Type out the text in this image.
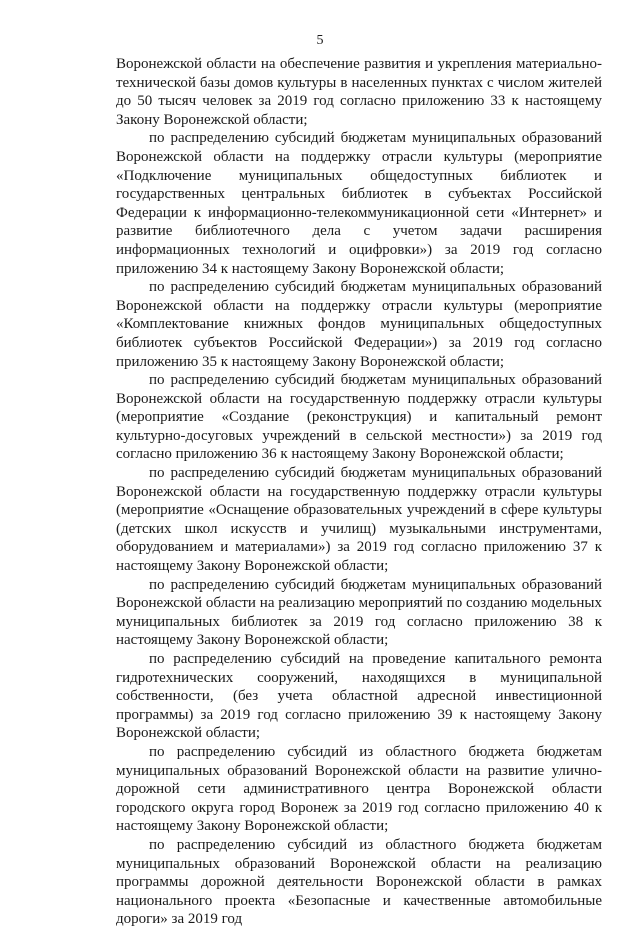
5

Воронежской области на обеспечение развития и укрепления материально-технической базы домов культуры в населенных пунктах с числом жителей до 50 тысяч человек за 2019 год согласно приложению 33 к настоящему Закону Воронежской области;

по распределению субсидий бюджетам муниципальных образований Воронежской области на поддержку отрасли культуры (мероприятие «Подключение муниципальных общедоступных библиотек и государственных центральных библиотек в субъектах Российской Федерации к информационно-телекоммуникационной сети «Интернет» и развитие библиотечного дела с учетом задачи расширения информационных технологий и оцифровки») за 2019 год согласно приложению 34 к настоящему Закону Воронежской области;

по распределению субсидий бюджетам муниципальных образований Воронежской области на поддержку отрасли культуры (мероприятие «Комплектование книжных фондов муниципальных общедоступных библиотек субъектов Российской Федерации») за 2019 год согласно приложению 35 к настоящему Закону Воронежской области;

по распределению субсидий бюджетам муниципальных образований Воронежской области на государственную поддержку отрасли культуры (мероприятие «Создание (реконструкция) и капитальный ремонт культурно-досуговых учреждений в сельской местности») за 2019 год согласно приложению 36 к настоящему Закону Воронежской области;

по распределению субсидий бюджетам муниципальных образований Воронежской области на государственную поддержку отрасли культуры (мероприятие «Оснащение образовательных учреждений в сфере культуры (детских школ искусств и училищ) музыкальными инструментами, оборудованием и материалами») за 2019 год согласно приложению 37 к настоящему Закону Воронежской области;

по распределению субсидий бюджетам муниципальных образований Воронежской области на реализацию мероприятий по созданию модельных муниципальных библиотек за 2019 год согласно приложению 38 к настоящему Закону Воронежской области;

по распределению субсидий на проведение капитального ремонта гидротехнических сооружений, находящихся в муниципальной собственности, (без учета областной адресной инвестиционной программы) за 2019 год согласно приложению 39 к настоящему Закону Воронежской области;

по распределению субсидий из областного бюджета бюджетам муниципальных образований Воронежской области на развитие улично-дорожной сети административного центра Воронежской области городского округа город Воронеж за 2019 год согласно приложению 40 к настоящему Закону Воронежской области;

по распределению субсидий из областного бюджета бюджетам муниципальных образований Воронежской области на реализацию программы дорожной деятельности Воронежской области в рамках национального проекта «Безопасные и качественные автомобильные дороги» за 2019 год
